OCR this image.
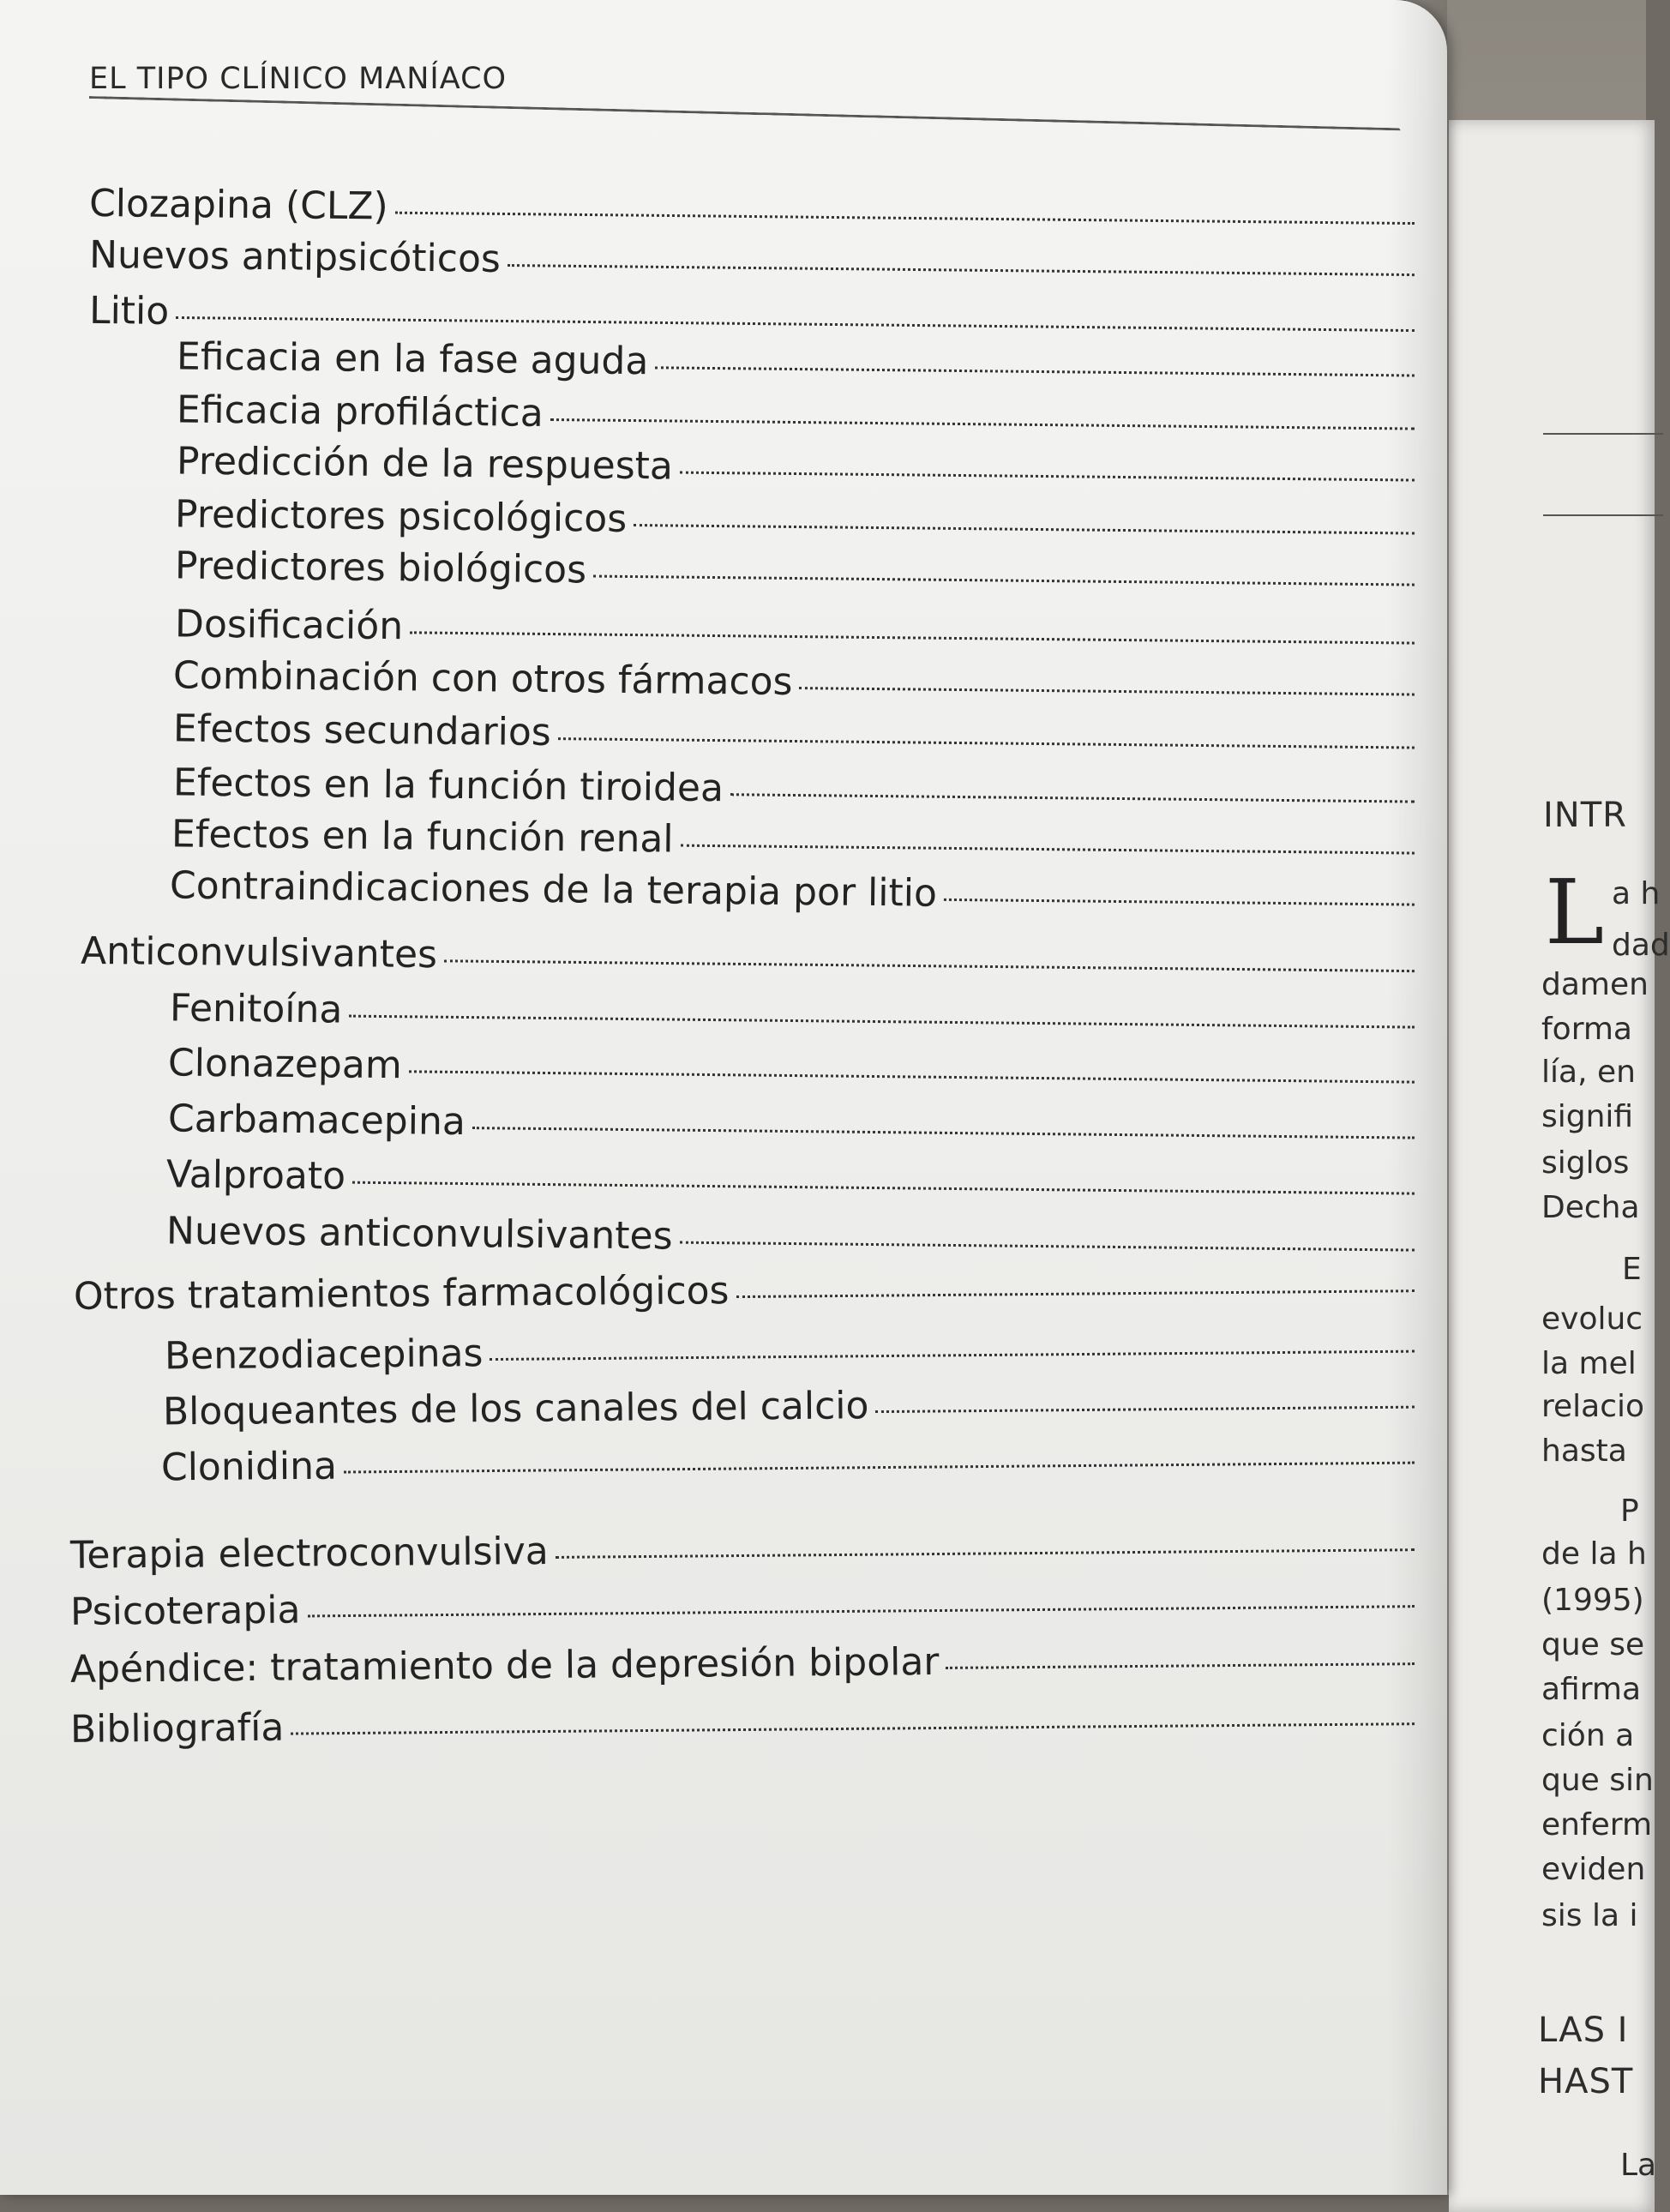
INTR
L a h
dad
damen
forma
lía, en
signifi
siglos
Decha
E
evoluc
la mel
relacio
hasta
P
de la h
(1995)
que se
afirma
ción a
que sin
enferm
eviden
sis la i
LAS I
HAST
La
EL TIPO CLÍNICO MANÍACO
Clozapina (CLZ)
Nuevos antipsicóticos
Litio
Eficacia en la fase aguda
Eficacia profiláctica
Predicción de la respuesta
Predictores psicológicos
Predictores biológicos
Dosificación
Combinación con otros fármacos
Efectos secundarios
Efectos en la función tiroidea
Efectos en la función renal
Contraindicaciones de la terapia por litio
Anticonvulsivantes
Fenitoína
Clonazepam
Carbamacepina
Valproato
Nuevos anticonvulsivantes
Otros tratamientos farmacológicos
Benzodiacepinas
Bloqueantes de los canales del calcio
Clonidina
Terapia electroconvulsiva
Psicoterapia
Apéndice: tratamiento de la depresión bipolar
Bibliografía
